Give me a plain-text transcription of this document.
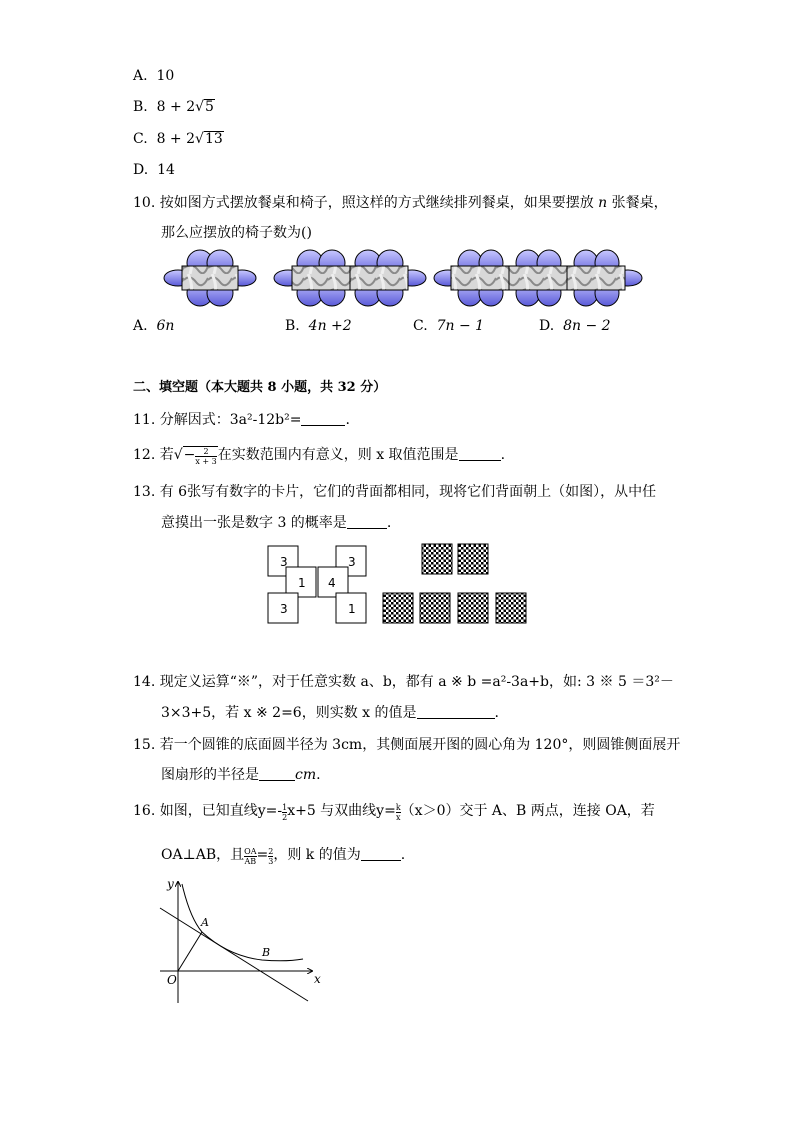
A. 10
B. 8 + 2√5
C. 8 + 2√13
D. 14
10. 按如图方式摆放餐桌和椅子，照这样的方式继续排列餐桌，如果要摆放 n 张餐桌，
那么应摆放的椅子数为()
A. 6n	B. 4n +2	C. 7n − 1	D. 8n − 2
二、填空题（本大题共 8 小题，共 32 分）
11. 分解因式：3a²-12b²=	.
12. 若√− $\frac{2}{x + 3}$ 在实数范围内有意义，则 x 取值范围是	.
13. 有 6张写有数字的卡片，它们的背面都相同，现将它们背面朝上（如图），从中任
意摸出一张是数字 3 的概率是	.
3
1 4
3
3
1
14. 现定义运算“※”，对于任意实数 a、b，都有 a ※ b =a²-3a+b，如: 3 ※ 5 ＝3²－
3×3+5，若 x ※ 2=6，则实数 x 的值是	.
15. 若一个圆锥的底面圆半径为 3cm，其侧面展开图的圆心角为 120°，则圆锥侧面展开
图扇形的半径是	cm.
16. 如图，已知直线$y=- \frac{1}{2} x+5$ 与双曲线$y= \frac{k}{x} (x>0)$交于 A、B 两点，连接 OA，若
OA⊥AB，且 $\frac{OA}{AB} = \frac{2}{3}$ ，则 k 的值为	.
y
x
O
A
B
